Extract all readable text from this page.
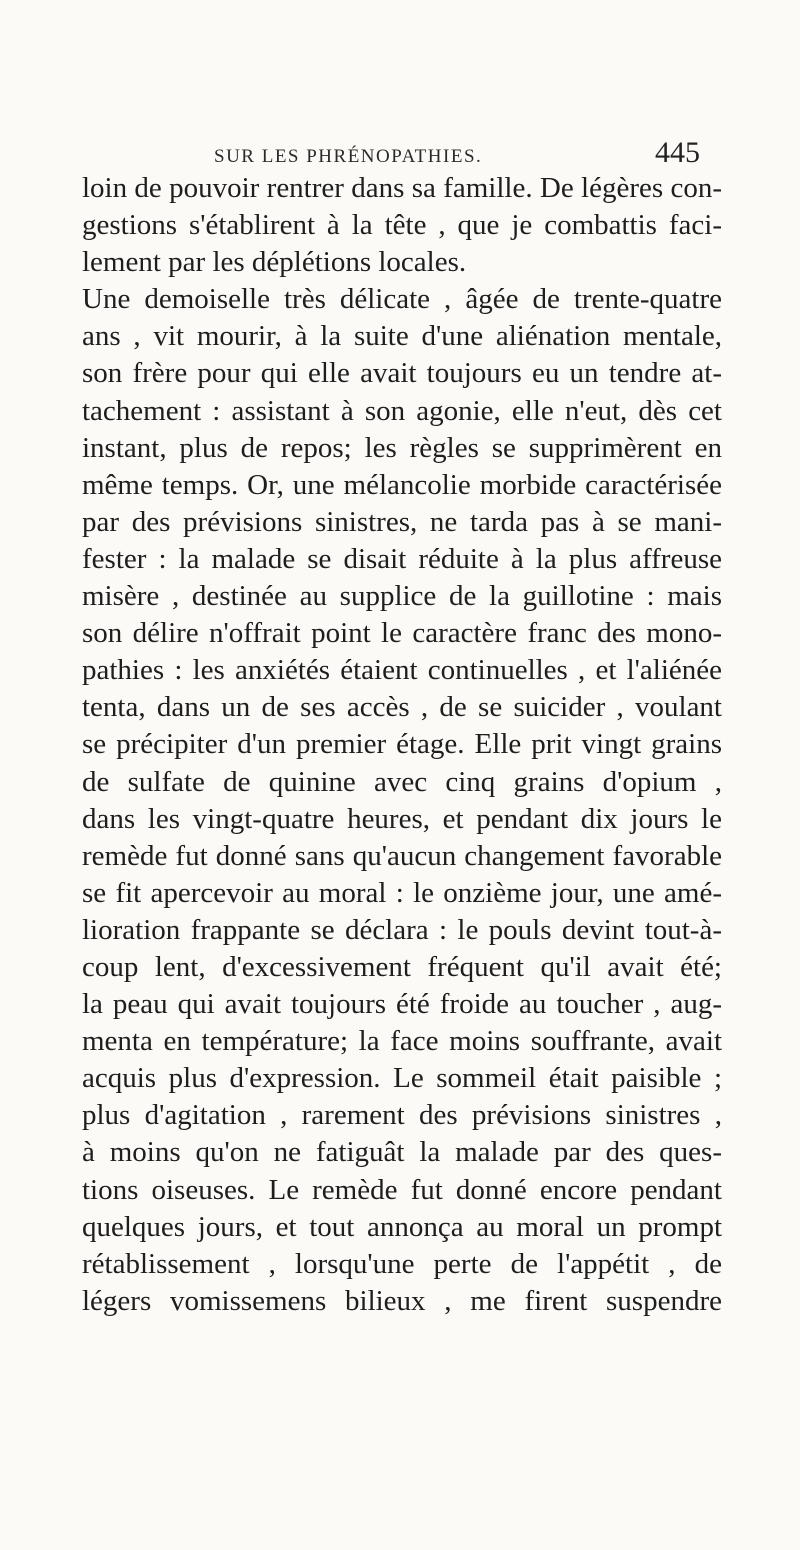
SUR LES PHRÉNOPATHIES.	445
loin de pouvoir rentrer dans sa famille. De légères con-
gestions s'établirent à la tête , que je combattis faci-
lement par les déplétions locales.
Une demoiselle très délicate , âgée de trente-quatre
ans , vit mourir, à la suite d'une aliénation mentale,
son frère pour qui elle avait toujours eu un tendre at-
tachement : assistant à son agonie, elle n'eut, dès cet
instant, plus de repos; les règles se supprimèrent en
même temps. Or, une mélancolie morbide caractérisée
par des prévisions sinistres, ne tarda pas à se mani-
fester : la malade se disait réduite à la plus affreuse
misère , destinée au supplice de la guillotine : mais
son délire n'offrait point le caractère franc des mono-
pathies : les anxiétés étaient continuelles , et l'aliénée
tenta, dans un de ses accès , de se suicider , voulant
se précipiter d'un premier étage. Elle prit vingt grains
de sulfate de quinine avec cinq grains d'opium ,
dans les vingt-quatre heures, et pendant dix jours le
remède fut donné sans qu'aucun changement favorable
se fit apercevoir au moral : le onzième jour, une amé-
lioration frappante se déclara : le pouls devint tout-à-
coup lent, d'excessivement fréquent qu'il avait été;
la peau qui avait toujours été froide au toucher , aug-
menta en température; la face moins souffrante, avait
acquis plus d'expression. Le sommeil était paisible ;
plus d'agitation , rarement des prévisions sinistres ,
à moins qu'on ne fatiguât la malade par des ques-
tions oiseuses. Le remède fut donné encore pendant
quelques jours, et tout annonça au moral un prompt
rétablissement , lorsqu'une perte de l'appétit , de
légers vomissemens bilieux , me firent suspendre
